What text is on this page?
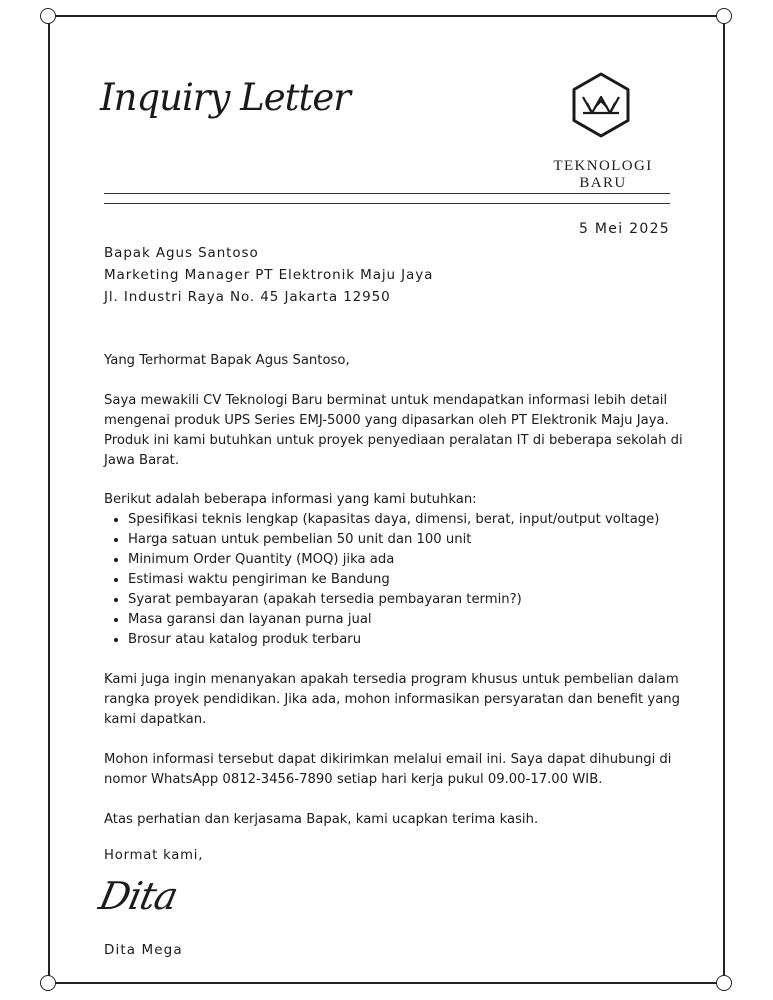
Inquiry Letter
TEKNOLOGI BARU
5 Mei 2025
Bapak Agus Santoso
Marketing Manager PT Elektronik Maju Jaya
Jl. Industri Raya No. 45 Jakarta 12950

Yang Terhormat Bapak Agus Santoso,

Saya mewakili CV Teknologi Baru berminat untuk mendapatkan informasi lebih detail mengenai produk UPS Series EMJ-5000 yang dipasarkan oleh PT Elektronik Maju Jaya. Produk ini kami butuhkan untuk proyek penyediaan peralatan IT di beberapa sekolah di Jawa Barat.

Berikut adalah beberapa informasi yang kami butuhkan:

• Spesifikasi teknis lengkap (kapasitas daya, dimensi, berat, input/output voltage)
• Harga satuan untuk pembelian 50 unit dan 100 unit
• Minimum Order Quantity (MOQ) jika ada
• Estimasi waktu pengiriman ke Bandung
• Syarat pembayaran (apakah tersedia pembayaran termin?)
• Masa garansi dan layanan purna jual
• Brosur atau katalog produk terbaru

Kami juga ingin menanyakan apakah tersedia program khusus untuk pembelian dalam rangka proyek pendidikan. Jika ada, mohon informasikan persyaratan dan benefit yang kami dapatkan.

Mohon informasi tersebut dapat dikirimkan melalui email ini. Saya dapat dihubungi di nomor WhatsApp 0812-3456-7890 setiap hari kerja pukul 09.00-17.00 WIB.

Atas perhatian dan kerjasama Bapak, kami ucapkan terima kasih.

Hormat kami,

Dita
Dita Mega
